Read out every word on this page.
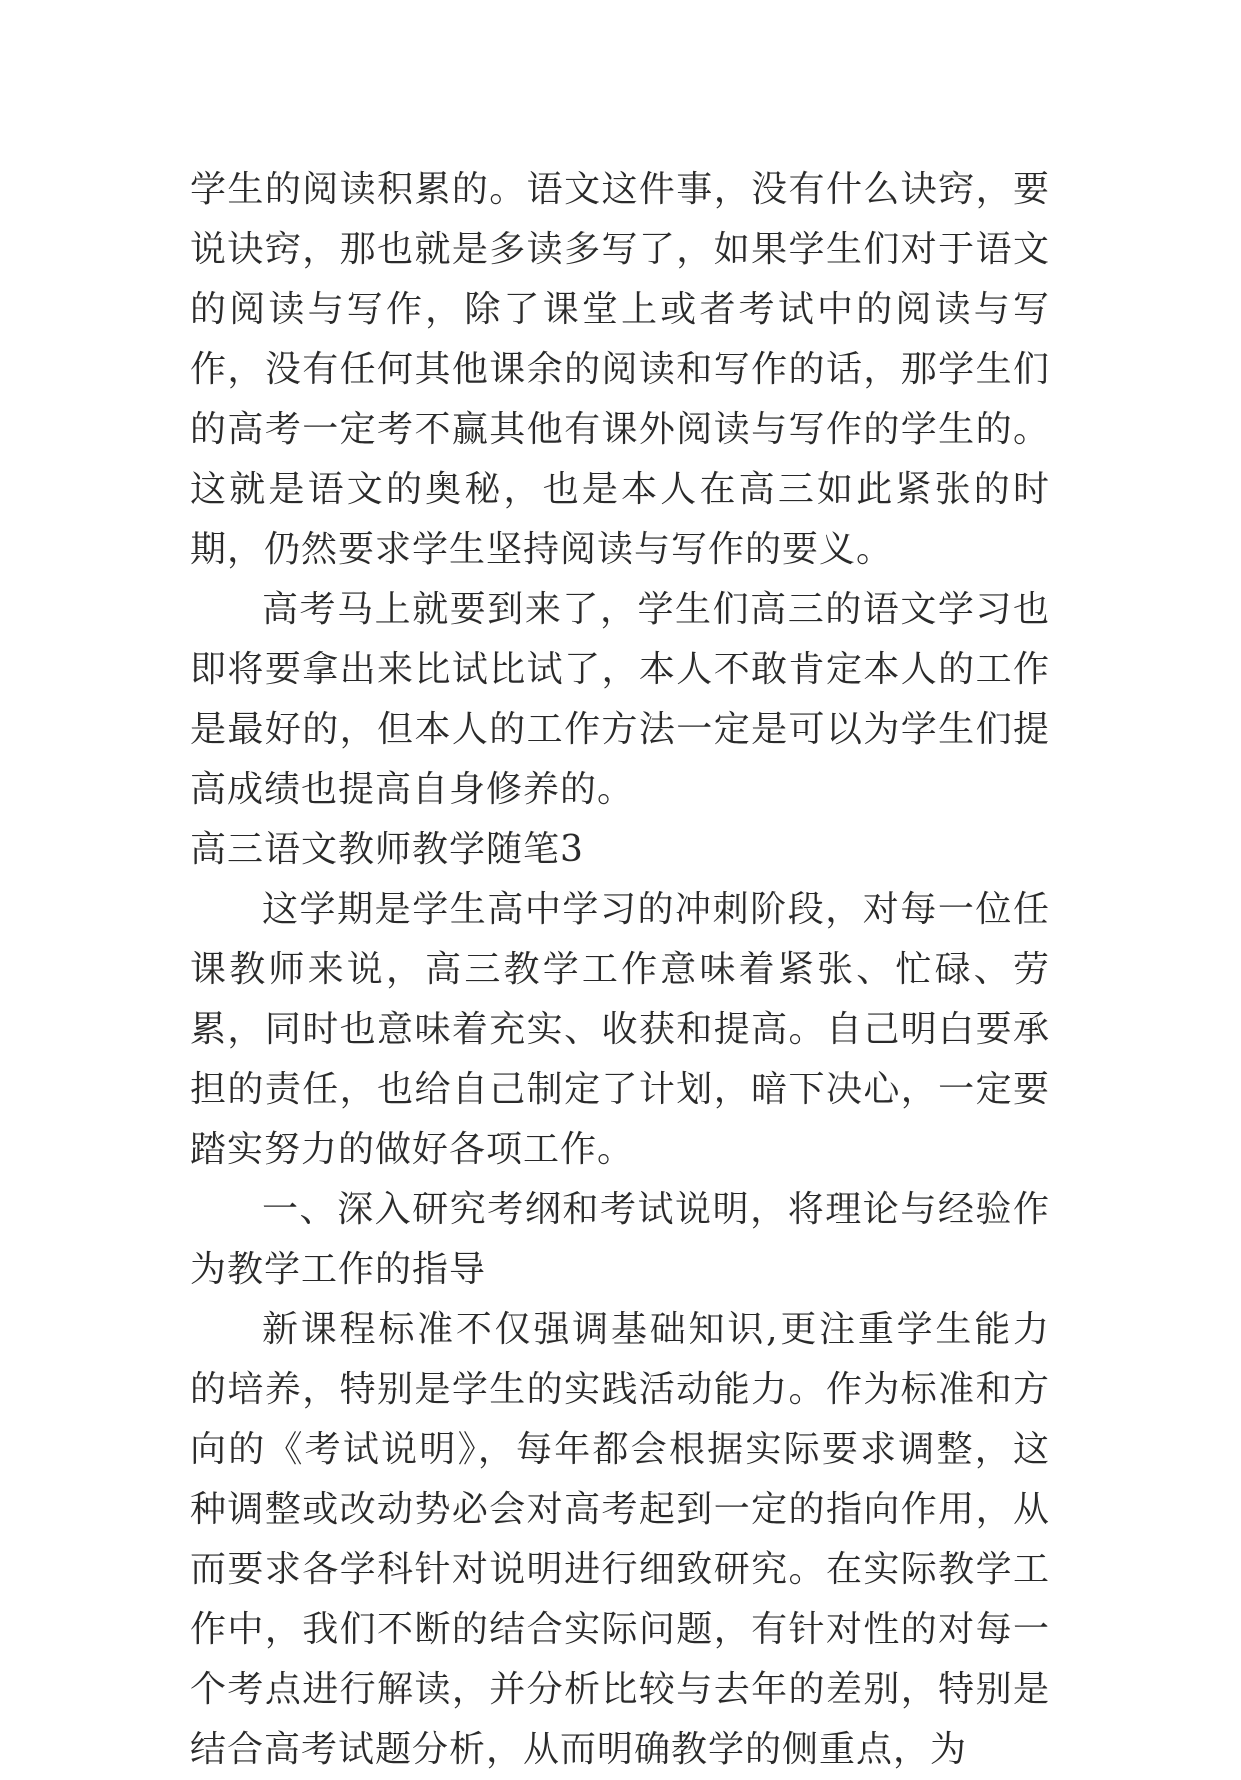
学生的阅读积累的。语文这件事，没有什么诀窍，要说诀窍，那也就是多读多写了，如果学生们对于语文的阅读与写作，除了课堂上或者考试中的阅读与写作，没有任何其他课余的阅读和写作的话，那学生们的高考一定考不赢其他有课外阅读与写作的学生的。这就是语文的奥秘，也是本人在高三如此紧张的时期，仍然要求学生坚持阅读与写作的要义。

高考马上就要到来了，学生们高三的语文学习也即将要拿出来比试比试了，本人不敢肯定本人的工作是最好的，但本人的工作方法一定是可以为学生们提高成绩也提高自身修养的。

高三语文教师教学随笔3

这学期是学生高中学习的冲刺阶段，对每一位任课教师来说，高三教学工作意味着紧张、忙碌、劳累，同时也意味着充实、收获和提高。自己明白要承担的责任，也给自己制定了计划，暗下决心，一定要踏实努力的做好各项工作。

一、深入研究考纲和考试说明，将理论与经验作为教学工作的指导

新课程标准不仅强调基础知识,更注重学生能力的培养，特别是学生的实践活动能力。作为标准和方向的《考试说明》，每年都会根据实际要求调整，这种调整或改动势必会对高考起到一定的指向作用，从而要求各学科针对说明进行细致研究。在实际教学工作中，我们不断的结合实际问题，有针对性的对每一个考点进行解读，并分析比较与去年的差别，特别是结合高考试题分析，从而明确教学的侧重点，为
